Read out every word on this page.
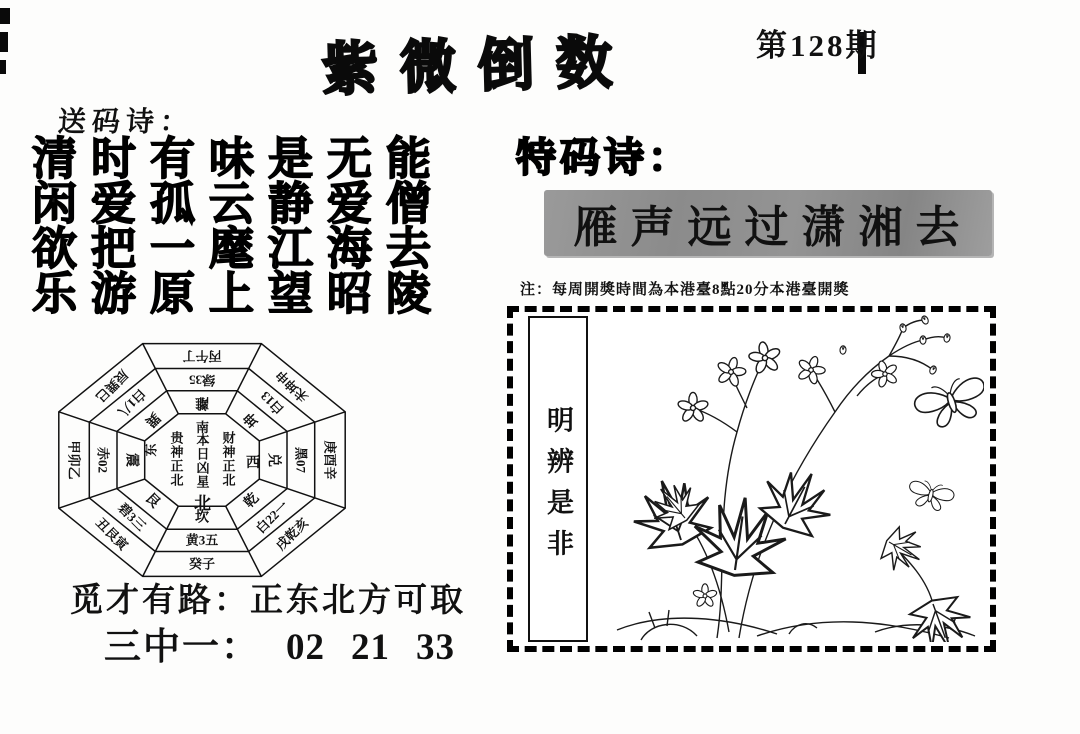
紫微倒数	第128期
送码诗：
清时有味是无能
闲爱孤云静爱僧
欲把一麾江海去
乐游原上望昭陵
丙午丁
未坤申
庚酉辛
戌乾亥
癸子
丑艮寅
甲卯乙
辰巽巳	绿35
白13
黑07
白22一
黄3五
碧3三
赤02
白1八	離
坤
兑
乾
坎
艮
震
巽	南
本日凶星
北
财神正北
贵神正北
东
西
觅才有路：正东北方可取
三中一： 02 21 33
特码诗：
雁声远过潇湘去
注：每周開獎時間為本港臺8點20分本港臺開獎
明辨是非
